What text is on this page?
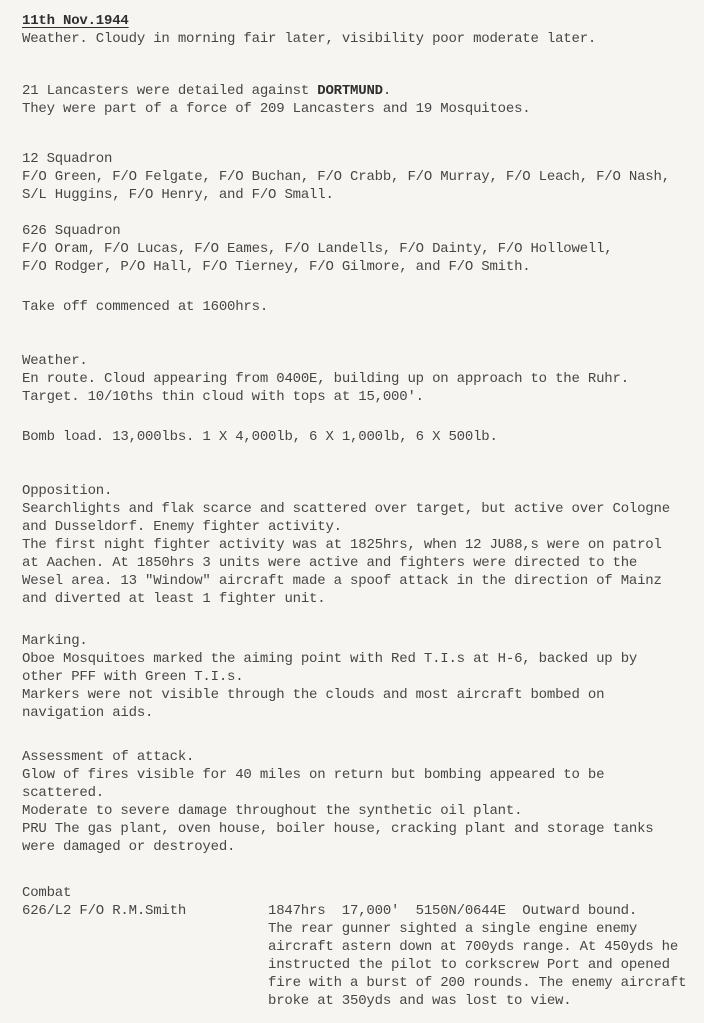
11th Nov.1944
Weather. Cloudy in morning fair later, visibility poor moderate later.
21 Lancasters were detailed against DORTMUND.
They were part of a force of 209 Lancasters and 19 Mosquitoes.
12 Squadron
F/O Green, F/O Felgate, F/O Buchan, F/O Crabb, F/O Murray, F/O Leach, F/O Nash,
S/L Huggins, F/O Henry, and F/O Small.
626 Squadron
F/O Oram, F/O Lucas, F/O Eames, F/O Landells, F/O Dainty, F/O Hollowell,
F/O Rodger, P/O Hall, F/O Tierney, F/O Gilmore, and F/O Smith.
Take off commenced at 1600hrs.
Weather.
En route. Cloud appearing from 0400E, building up on approach to the Ruhr.
Target. 10/10ths thin cloud with tops at 15,000'.
Bomb load. 13,000lbs. 1 X 4,000lb, 6 X 1,000lb, 6 X 500lb.
Opposition.
Searchlights and flak scarce and scattered over target, but active over Cologne
and Dusseldorf. Enemy fighter activity.
The first night fighter activity was at 1825hrs, when 12 JU88,s were on patrol
at Aachen. At 1850hrs 3 units were active and fighters were directed to the
Wesel area. 13 "Window" aircraft made a spoof attack in the direction of Mainz
and diverted at least 1 fighter unit.
Marking.
Oboe Mosquitoes marked the aiming point with Red T.I.s at H-6, backed up by
other PFF with Green T.I.s.
Markers were not visible through the clouds and most aircraft bombed on
navigation aids.
Assessment of attack.
Glow of fires visible for 40 miles on return but bombing appeared to be
scattered.
Moderate to severe damage throughout the synthetic oil plant.
PRU The gas plant, oven house, boiler house, cracking plant and storage tanks
were damaged or destroyed.
Combat
626/L2 F/O R.M.Smith	1847hrs  17,000'  5150N/0644E  Outward bound.
The rear gunner sighted a single engine enemy
aircraft astern down at 700yds range. At 450yds he
instructed the pilot to corkscrew Port and opened
fire with a burst of 200 rounds. The enemy aircraft
broke at 350yds and was lost to view.
